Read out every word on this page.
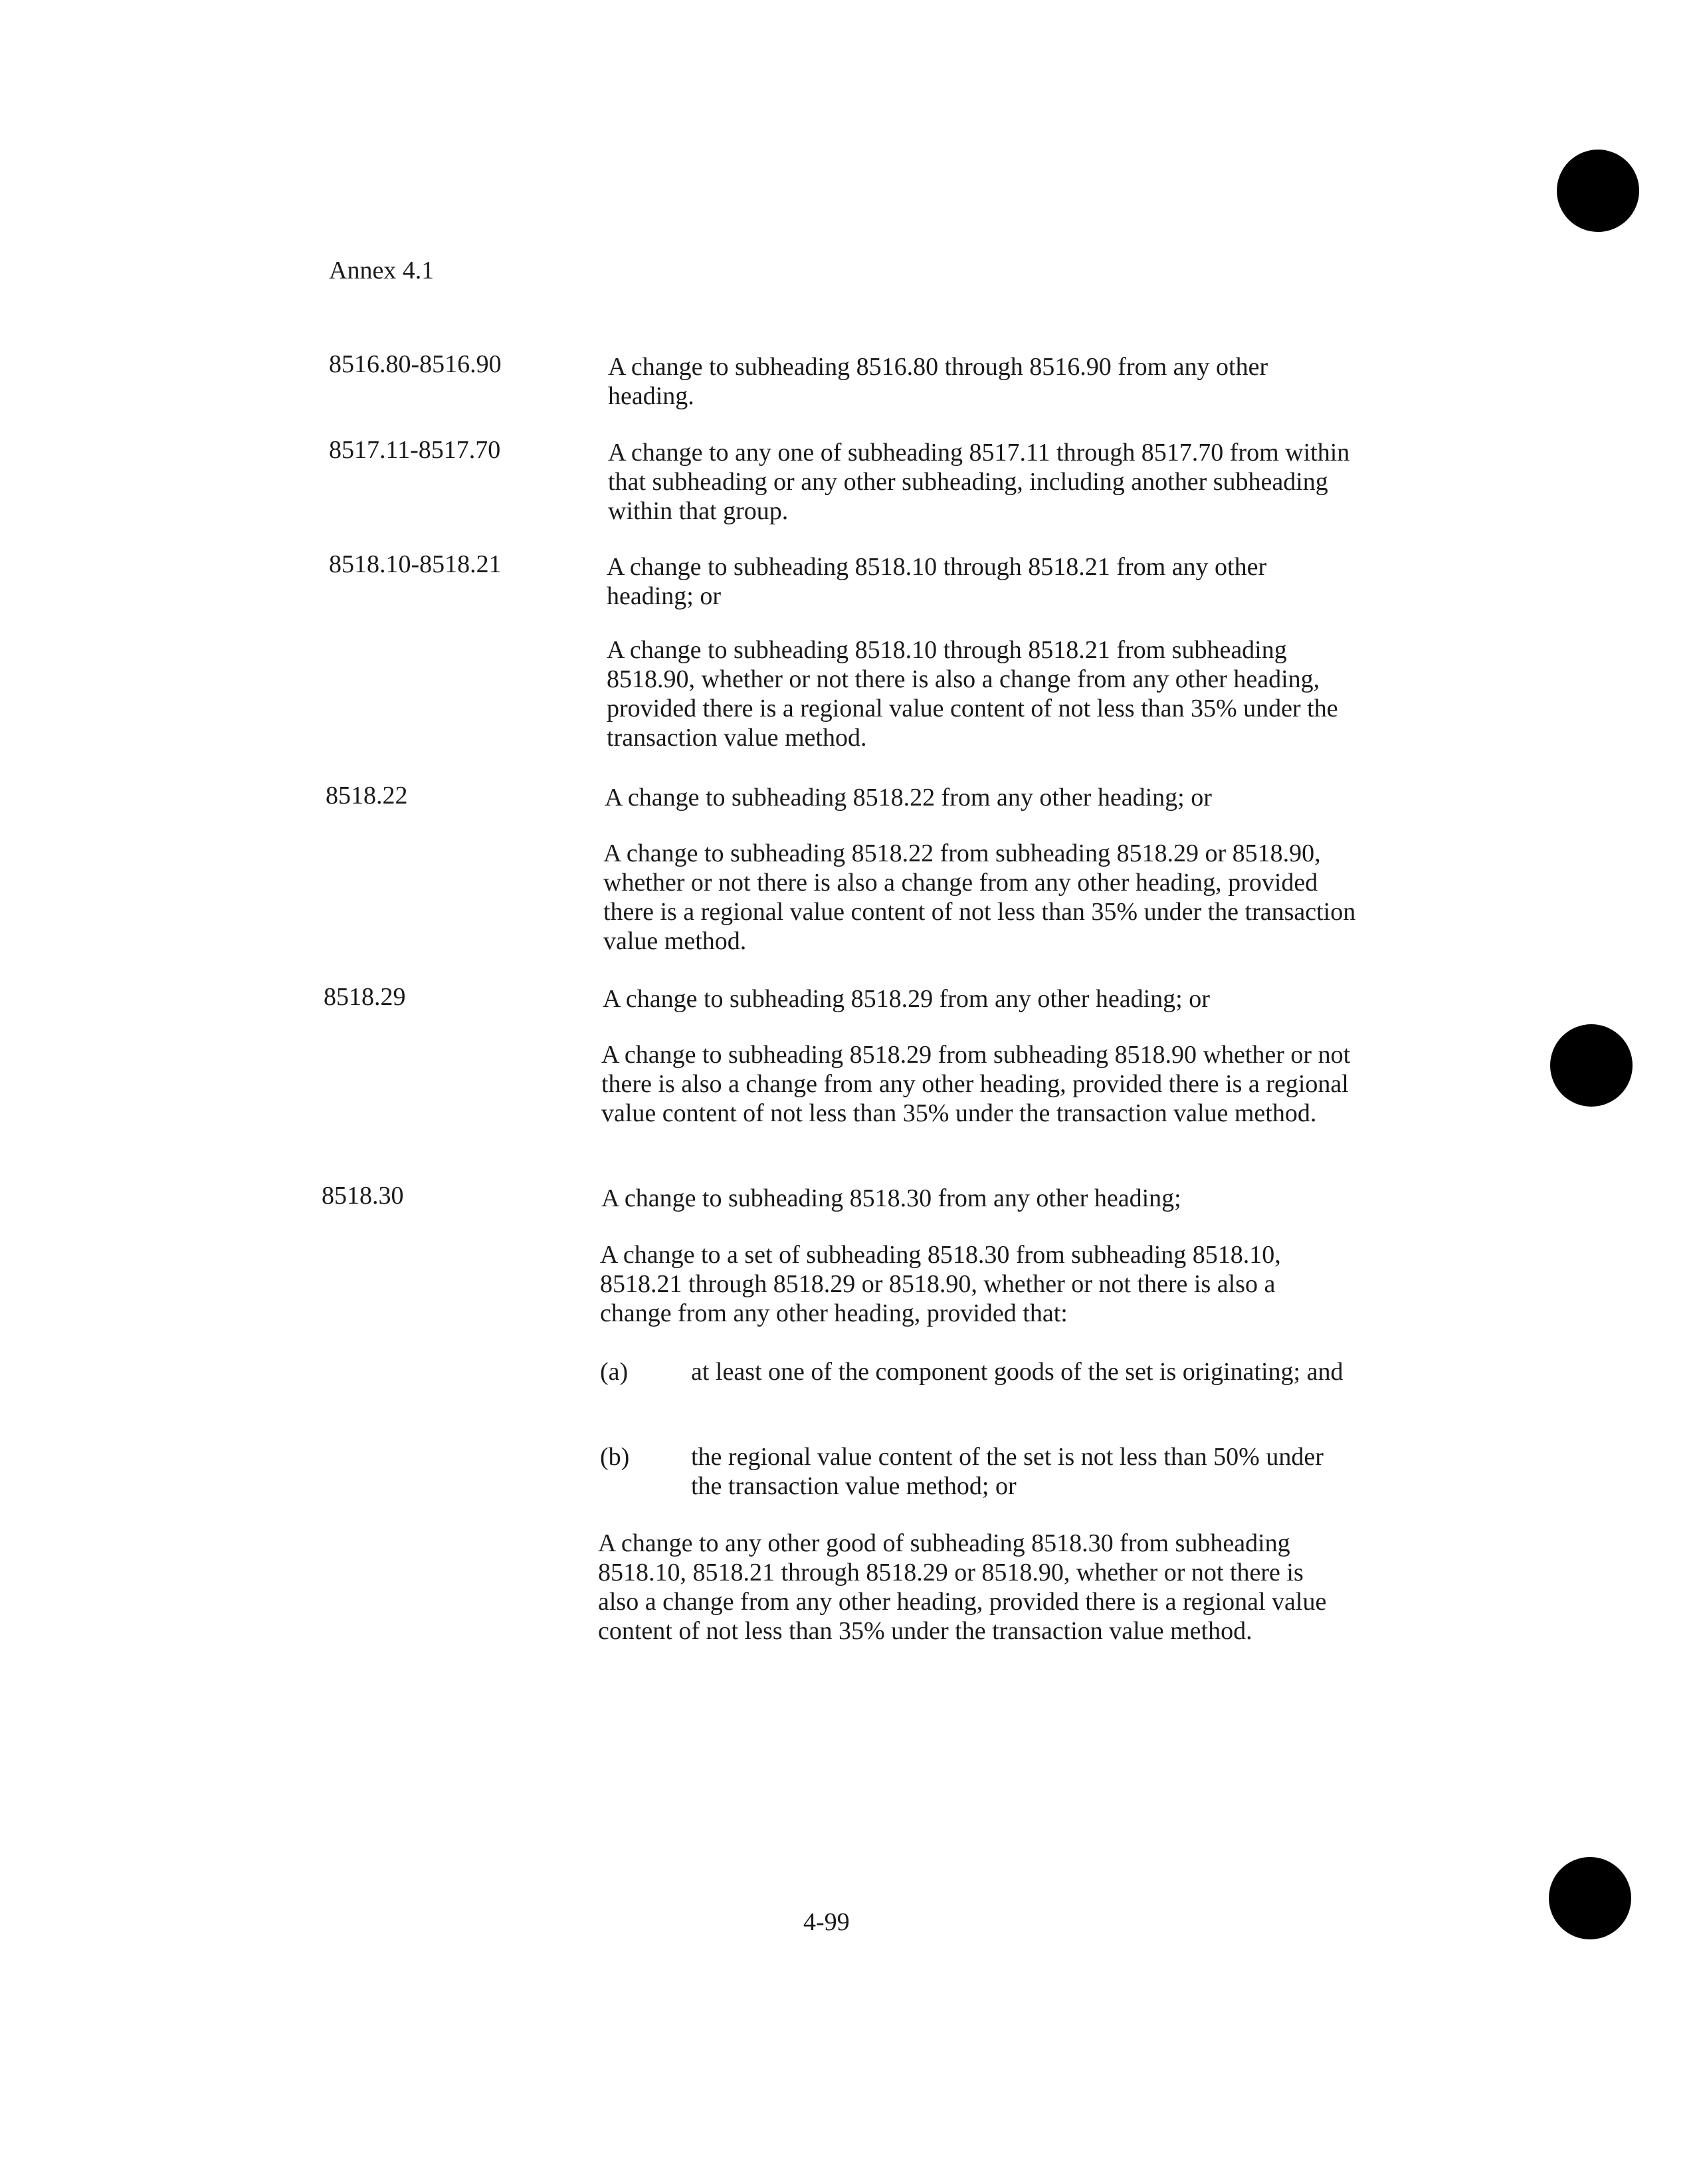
Annex 4.1
8516.80-8516.90	A change to subheading 8516.80 through 8516.90 from any other heading.
8517.11-8517.70	A change to any one of subheading 8517.11 through 8517.70 from within that subheading or any other subheading, including another subheading within that group.
8518.10-8518.21	A change to subheading 8518.10 through 8518.21 from any other heading; or
A change to subheading 8518.10 through 8518.21 from subheading 8518.90, whether or not there is also a change from any other heading, provided there is a regional value content of not less than 35% under the transaction value method.
8518.22	A change to subheading 8518.22 from any other heading; or
A change to subheading 8518.22 from subheading 8518.29 or 8518.90, whether or not there is also a change from any other heading, provided there is a regional value content of not less than 35% under the transaction value method.
8518.29	A change to subheading 8518.29 from any other heading; or
A change to subheading 8518.29 from subheading 8518.90 whether or not there is also a change from any other heading, provided there is a regional value content of not less than 35% under the transaction value method.
8518.30	A change to subheading 8518.30 from any other heading;
A change to a set of subheading 8518.30 from subheading 8518.10, 8518.21 through 8518.29 or 8518.90, whether or not there is also a change from any other heading, provided that:
(a) at least one of the component goods of the set is originating; and
(b) the regional value content of the set is not less than 50% under the transaction value method; or
A change to any other good of subheading 8518.30 from subheading 8518.10, 8518.21 through 8518.29 or 8518.90, whether or not there is also a change from any other heading, provided there is a regional value content of not less than 35% under the transaction value method.
4-99
